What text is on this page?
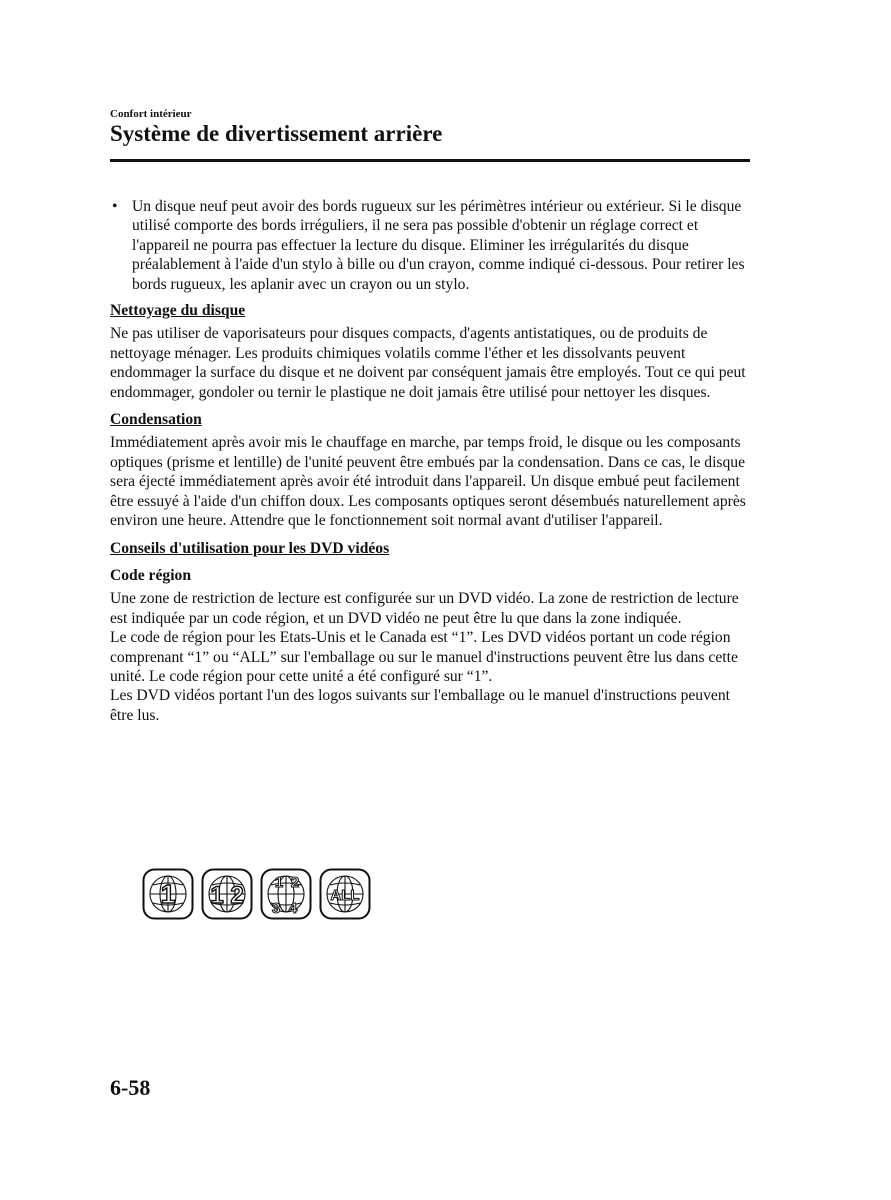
Confort intérieur
Système de divertissement arrière
• Un disque neuf peut avoir des bords rugueux sur les périmètres intérieur ou extérieur. Si le disque utilisé comporte des bords irréguliers, il ne sera pas possible d'obtenir un réglage correct et l'appareil ne pourra pas effectuer la lecture du disque. Eliminer les irrégularités du disque préalablement à l'aide d'un stylo à bille ou d'un crayon, comme indiqué ci-dessous. Pour retirer les bords rugueux, les aplanir avec un crayon ou un stylo.
Nettoyage du disque

Ne pas utiliser de vaporisateurs pour disques compacts, d'agents antistatiques, ou de produits de nettoyage ménager. Les produits chimiques volatils comme l'éther et les dissolvants peuvent endommager la surface du disque et ne doivent par conséquent jamais être employés. Tout ce qui peut endommager, gondoler ou ternir le plastique ne doit jamais être utilisé pour nettoyer les disques.

Condensation

Immédiatement après avoir mis le chauffage en marche, par temps froid, le disque ou les composants optiques (prisme et lentille) de l'unité peuvent être embués par la condensation. Dans ce cas, le disque sera éjecté immédiatement après avoir été introduit dans l'appareil. Un disque embué peut facilement être essuyé à l'aide d'un chiffon doux. Les composants optiques seront désembués naturellement après environ une heure. Attendre que le fonctionnement soit normal avant d'utiliser l'appareil.

Conseils d'utilisation pour les DVD vidéos
Code région

Une zone de restriction de lecture est configurée sur un DVD vidéo. La zone de restriction de lecture est indiquée par un code région, et un DVD vidéo ne peut être lu que dans la zone indiquée.

Le code de région pour les Etats-Unis et le Canada est “1”. Les DVD vidéos portant un code région comprenant “1” ou “ALL” sur l'emballage ou sur le manuel d'instructions peuvent être lus dans cette unité. Le code région pour cette unité a été configuré sur “1”.

Les DVD vidéos portant l'un des logos suivants sur l'emballage ou le manuel d'instructions peuvent être lus.

1 1 2 1 2
3 4
ALL
6-58
